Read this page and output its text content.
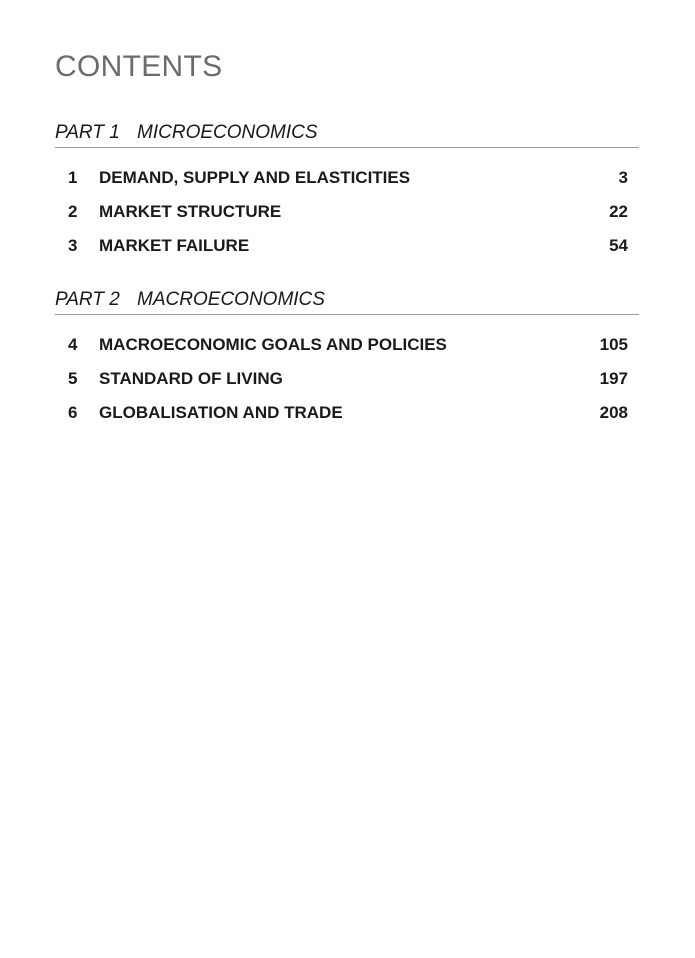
CONTENTS
PART 1 MICROECONOMICS
1 DEMAND, SUPPLY AND ELASTICITIES	3
2 MARKET STRUCTURE	22
3 MARKET FAILURE	54
PART 2 MACROECONOMICS
4 MACROECONOMIC GOALS AND POLICIES	105
5 STANDARD OF LIVING	197
6 GLOBALISATION AND TRADE	208
